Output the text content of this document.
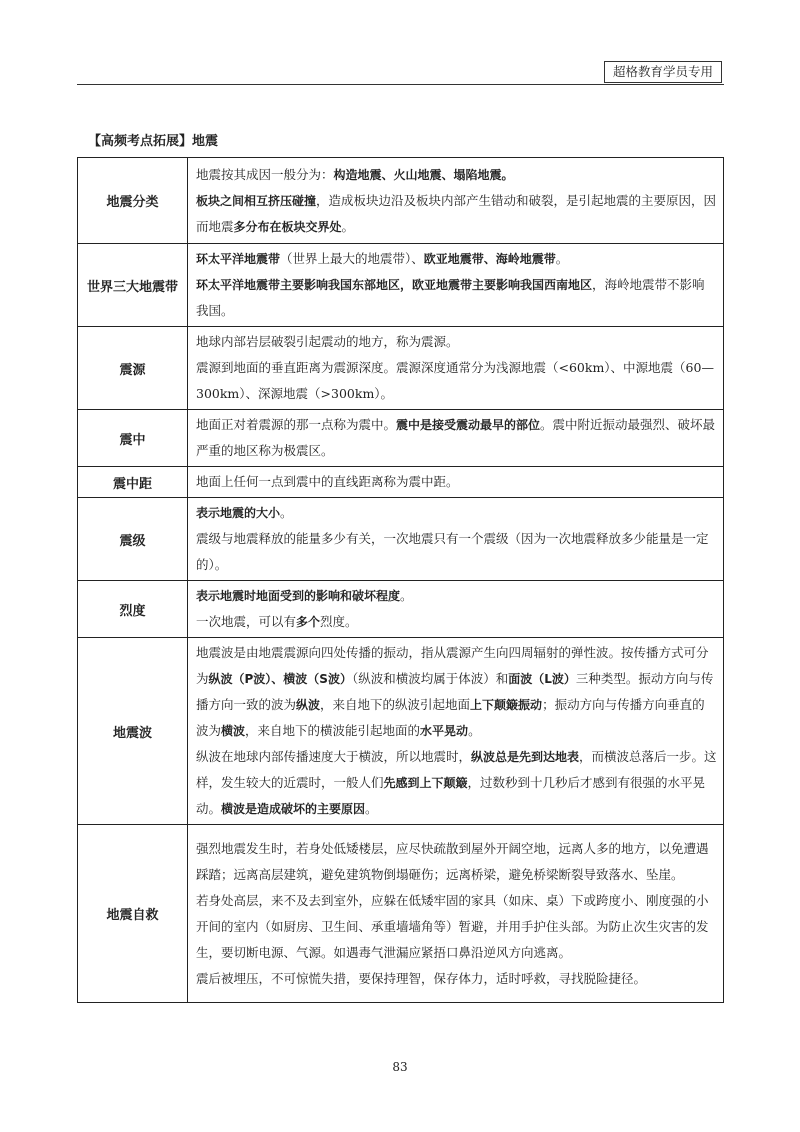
超格教育学员专用
【高频考点拓展】地震
地震分类	地震按其成因一般分为：构造地震、火山地震、塌陷地震。
板块之间相互挤压碰撞，造成板块边沿及板块内部产生错动和破裂，是引起地震的主要原因，因而地震多分布在板块交界处。

世界三大地震带	环太平洋地震带（世界上最大的地震带）、欧亚地震带、海岭地震带。
环太平洋地震带主要影响我国东部地区，欧亚地震带主要影响我国西南地区，海岭地震带不影响我国。

震源	地球内部岩层破裂引起震动的地方，称为震源。
震源到地面的垂直距离为震源深度。震源深度通常分为浅源地震（<60km）、中源地震（60—300km）、深源地震（>300km）。

震中	地面正对着震源的那一点称为震中。震中是接受震动最早的部位。震中附近振动最强烈、破坏最严重的地区称为极震区。

震中距	地面上任何一点到震中的直线距离称为震中距。

震级	表示地震的大小。
震级与地震释放的能量多少有关，一次地震只有一个震级（因为一次地震释放多少能量是一定的）。

烈度	表示地震时地面受到的影响和破坏程度。
一次地震，可以有多个烈度。

地震波	地震波是由地震震源向四处传播的振动，指从震源产生向四周辐射的弹性波。按传播方式可分为纵波（P波）、横波（S波）（纵波和横波均属于体波）和面波（L波）三种类型。振动方向与传播方向一致的波为纵波，来自地下的纵波引起地面上下颠簸振动；振动方向与传播方向垂直的波为横波，来自地下的横波能引起地面的水平晃动。
纵波在地球内部传播速度大于横波，所以地震时，纵波总是先到达地表，而横波总落后一步。这样，发生较大的近震时，一般人们先感到上下颠簸，过数秒到十几秒后才感到有很强的水平晃动。横波是造成破坏的主要原因。

地震自救	强烈地震发生时，若身处低矮楼层，应尽快疏散到屋外开阔空地，远离人多的地方，以免遭遇踩踏；远离高层建筑，避免建筑物倒塌砸伤；远离桥梁，避免桥梁断裂导致落水、坠崖。
若身处高层，来不及去到室外，应躲在低矮牢固的家具（如床、桌）下或跨度小、刚度强的小开间的室内（如厨房、卫生间、承重墙墙角等）暂避，并用手护住头部。为防止次生灾害的发生，要切断电源、气源。如遇毒气泄漏应紧捂口鼻沿逆风方向逃离。
震后被埋压，不可惊慌失措，要保持理智，保存体力，适时呼救，寻找脱险捷径。
83
